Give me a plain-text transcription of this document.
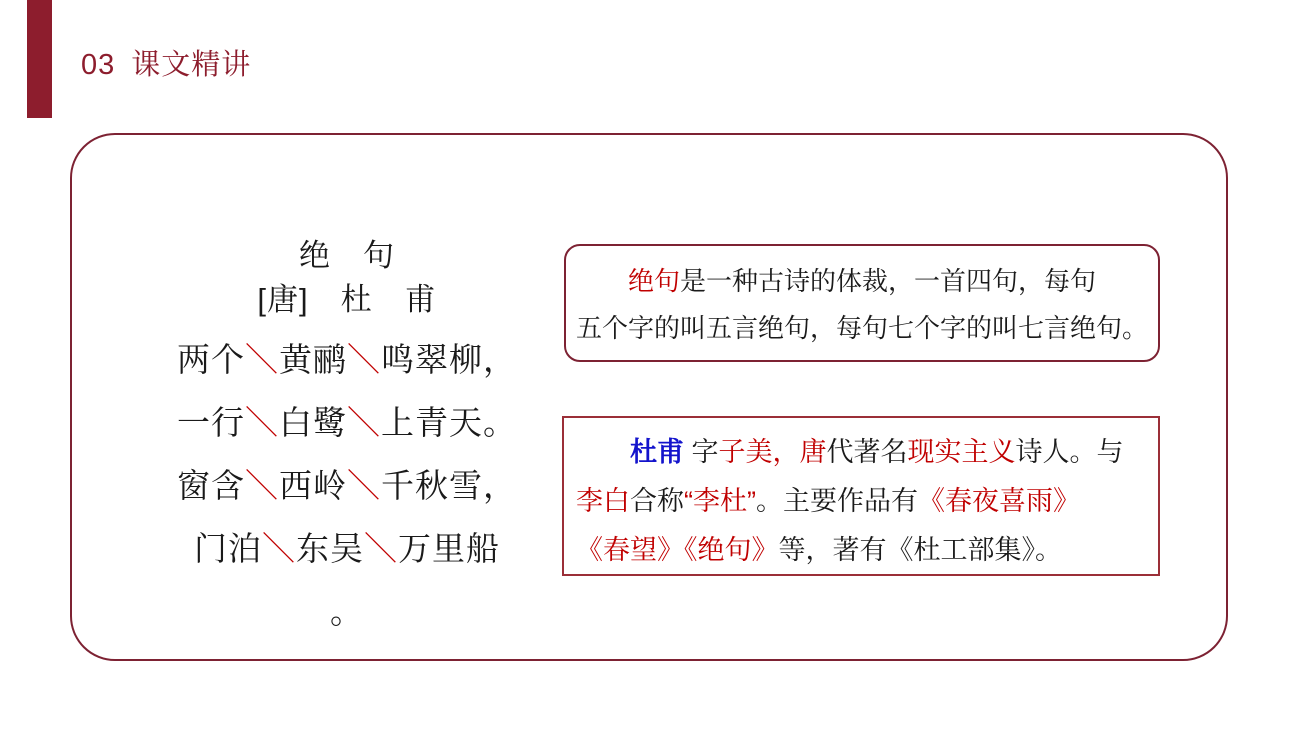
03 课文精讲
绝　句
[唐]　杜　甫
两个＼黄鹂＼鸣翠柳，
一行＼白鹭＼上青天。
窗含＼西岭＼千秋雪，
门泊＼东吴＼万里船
。
绝句是一种古诗的体裁，一首四句，每句
五个字的叫五言绝句，每句七个字的叫七言绝句。
杜甫 字子美，唐代著名现实主义诗人。与
李白合称“李杜”。主要作品有《春夜喜雨》
《春望》《绝句》等，著有《杜工部集》。
